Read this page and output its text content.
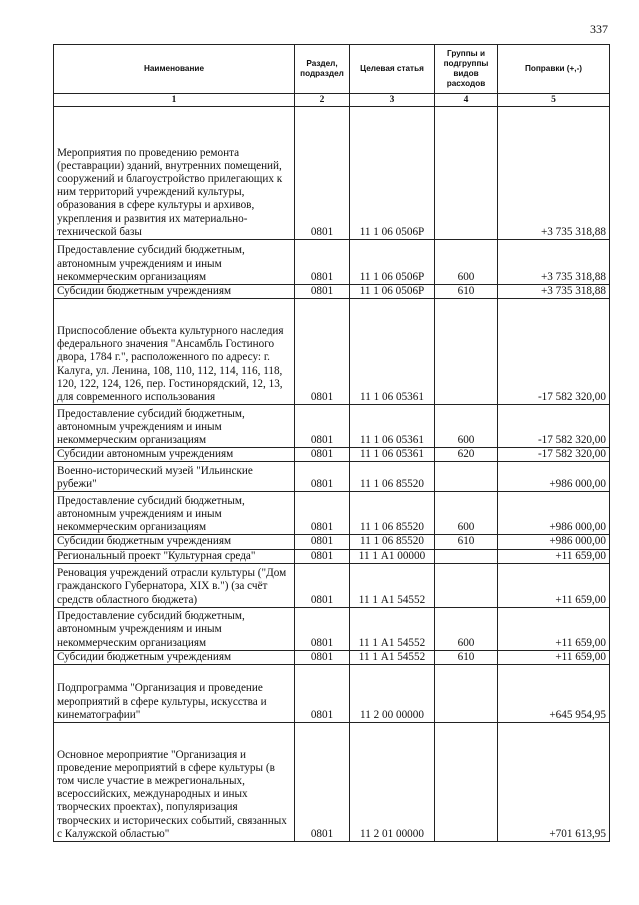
337
Наименование	Раздел, подраздел	Целевая статья	Группы и подгруппы видов расходов	Поправки (+,-)
1	2	3	4	5
Мероприятия по проведению ремонта (реставрации) зданий, внутренних помещений, сооружений и благоустройство прилегающих к ним территорий учреждений культуры, образования в сфере культуры и архивов, укрепления и развития их материально-технической базы	0801	11 1 06 0506Р		+3 735 318,88
Предоставление субсидий бюджетным, автономным учреждениям и иным некоммерческим организациям	0801	11 1 06 0506Р	600	+3 735 318,88
Субсидии бюджетным учреждениям	0801	11 1 06 0506Р	610	+3 735 318,88
Приспособление объекта культурного наследия федерального значения "Ансамбль Гостиного двора, 1784 г.", расположенного по адресу: г. Калуга, ул. Ленина, 108, 110, 112, 114, 116, 118, 120, 122, 124, 126, пер. Гостинорядский, 12, 13, для современного использования	0801	11 1 06 05361		-17 582 320,00
Предоставление субсидий бюджетным, автономным учреждениям и иным некоммерческим организациям	0801	11 1 06 05361	600	-17 582 320,00
Субсидии автономным учреждениям	0801	11 1 06 05361	620	-17 582 320,00
Военно-исторический музей "Ильинские рубежи"	0801	11 1 06 85520		+986 000,00
Предоставление субсидий бюджетным, автономным учреждениям и иным некоммерческим организациям	0801	11 1 06 85520	600	+986 000,00
Субсидии бюджетным учреждениям	0801	11 1 06 85520	610	+986 000,00
Региональный проект "Культурная среда"	0801	11 1 А1 00000		+11 659,00
Реновация учреждений отрасли культуры ("Дом гражданского Губернатора, XIX в.") (за счёт средств областного бюджета)	0801	11 1 А1 54552		+11 659,00
Предоставление субсидий бюджетным, автономным учреждениям и иным некоммерческим организациям	0801	11 1 А1 54552	600	+11 659,00
Субсидии бюджетным учреждениям	0801	11 1 А1 54552	610	+11 659,00
Подпрограмма "Организация и проведение мероприятий в сфере культуры, искусства и кинематографии"	0801	11 2 00 00000		+645 954,95
Основное мероприятие "Организация и проведение мероприятий в сфере культуры (в том числе участие в межрегиональных, всероссийских, международных и иных творческих проектах), популяризация творческих и исторических событий, связанных с Калужской областью"	0801	11 2 01 00000		+701 613,95
